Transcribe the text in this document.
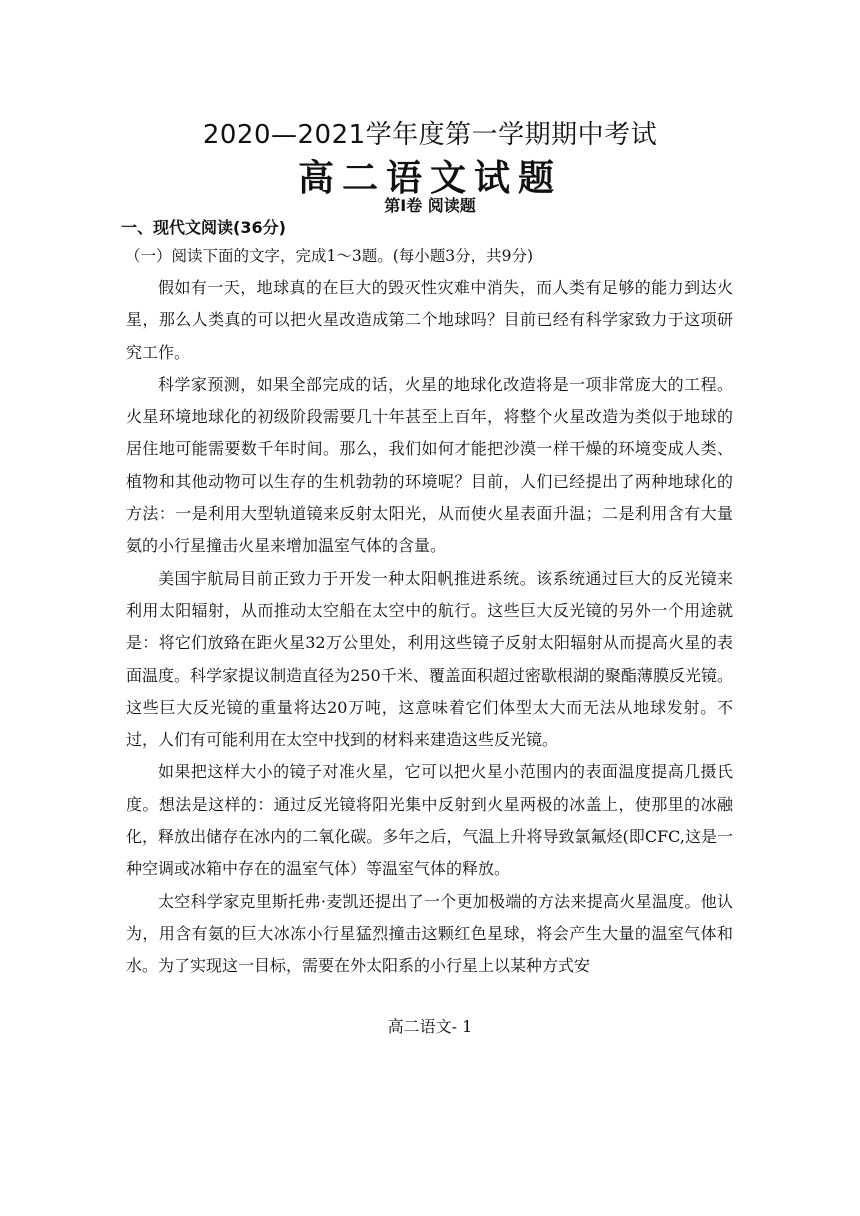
2020—2021学年度第一学期期中考试
高二语文试题
第Ⅰ卷 阅读题
一、现代文阅读(36分)
（一）阅读下面的文字，完成1～3题。(每小题3分，共9分)

假如有一天，地球真的在巨大的毁灭性灾难中消失，而人类有足够的能力到达火星，那么人类真的可以把火星改造成第二个地球吗？目前已经有科学家致力于这项研究工作。

科学家预测，如果全部完成的话，火星的地球化改造将是一项非常庞大的工程。火星环境地球化的初级阶段需要几十年甚至上百年，将整个火星改造为类似于地球的居住地可能需要数千年时间。那么，我们如何才能把沙漠一样干燥的环境变成人类、植物和其他动物可以生存的生机勃勃的环境呢？目前，人们已经提出了两种地球化的方法：一是利用大型轨道镜来反射太阳光，从而使火星表面升温；二是利用含有大量氨的小行星撞击火星来增加温室气体的含量。

美国宇航局目前正致力于开发一种太阳帆推进系统。该系统通过巨大的反光镜来利用太阳辐射，从而推动太空船在太空中的航行。这些巨大反光镜的另外一个用途就是：将它们放臵在距火星32万公里处，利用这些镜子反射太阳辐射从而提高火星的表面温度。科学家提议制造直径为250千米、覆盖面积超过密歇根湖的聚酯薄膜反光镜。这些巨大反光镜的重量将达20万吨，这意味着它们体型太大而无法从地球发射。不过，人们有可能利用在太空中找到的材料来建造这些反光镜。

如果把这样大小的镜子对准火星，它可以把火星小范围内的表面温度提高几摄氏度。想法是这样的：通过反光镜将阳光集中反射到火星两极的冰盖上，使那里的冰融化，释放出储存在冰内的二氧化碳。多年之后，气温上升将导致氯氟烃(即CFC,这是一种空调或冰箱中存在的温室气体）等温室气体的释放。

太空科学家克里斯托弗·麦凯还提出了一个更加极端的方法来提高火星温度。他认为，用含有氨的巨大冰冻小行星猛烈撞击这颗红色星球，将会产生大量的温室气体和水。为了实现这一目标，需要在外太阳系的小行星上以某种方式安

高二语文- 1
